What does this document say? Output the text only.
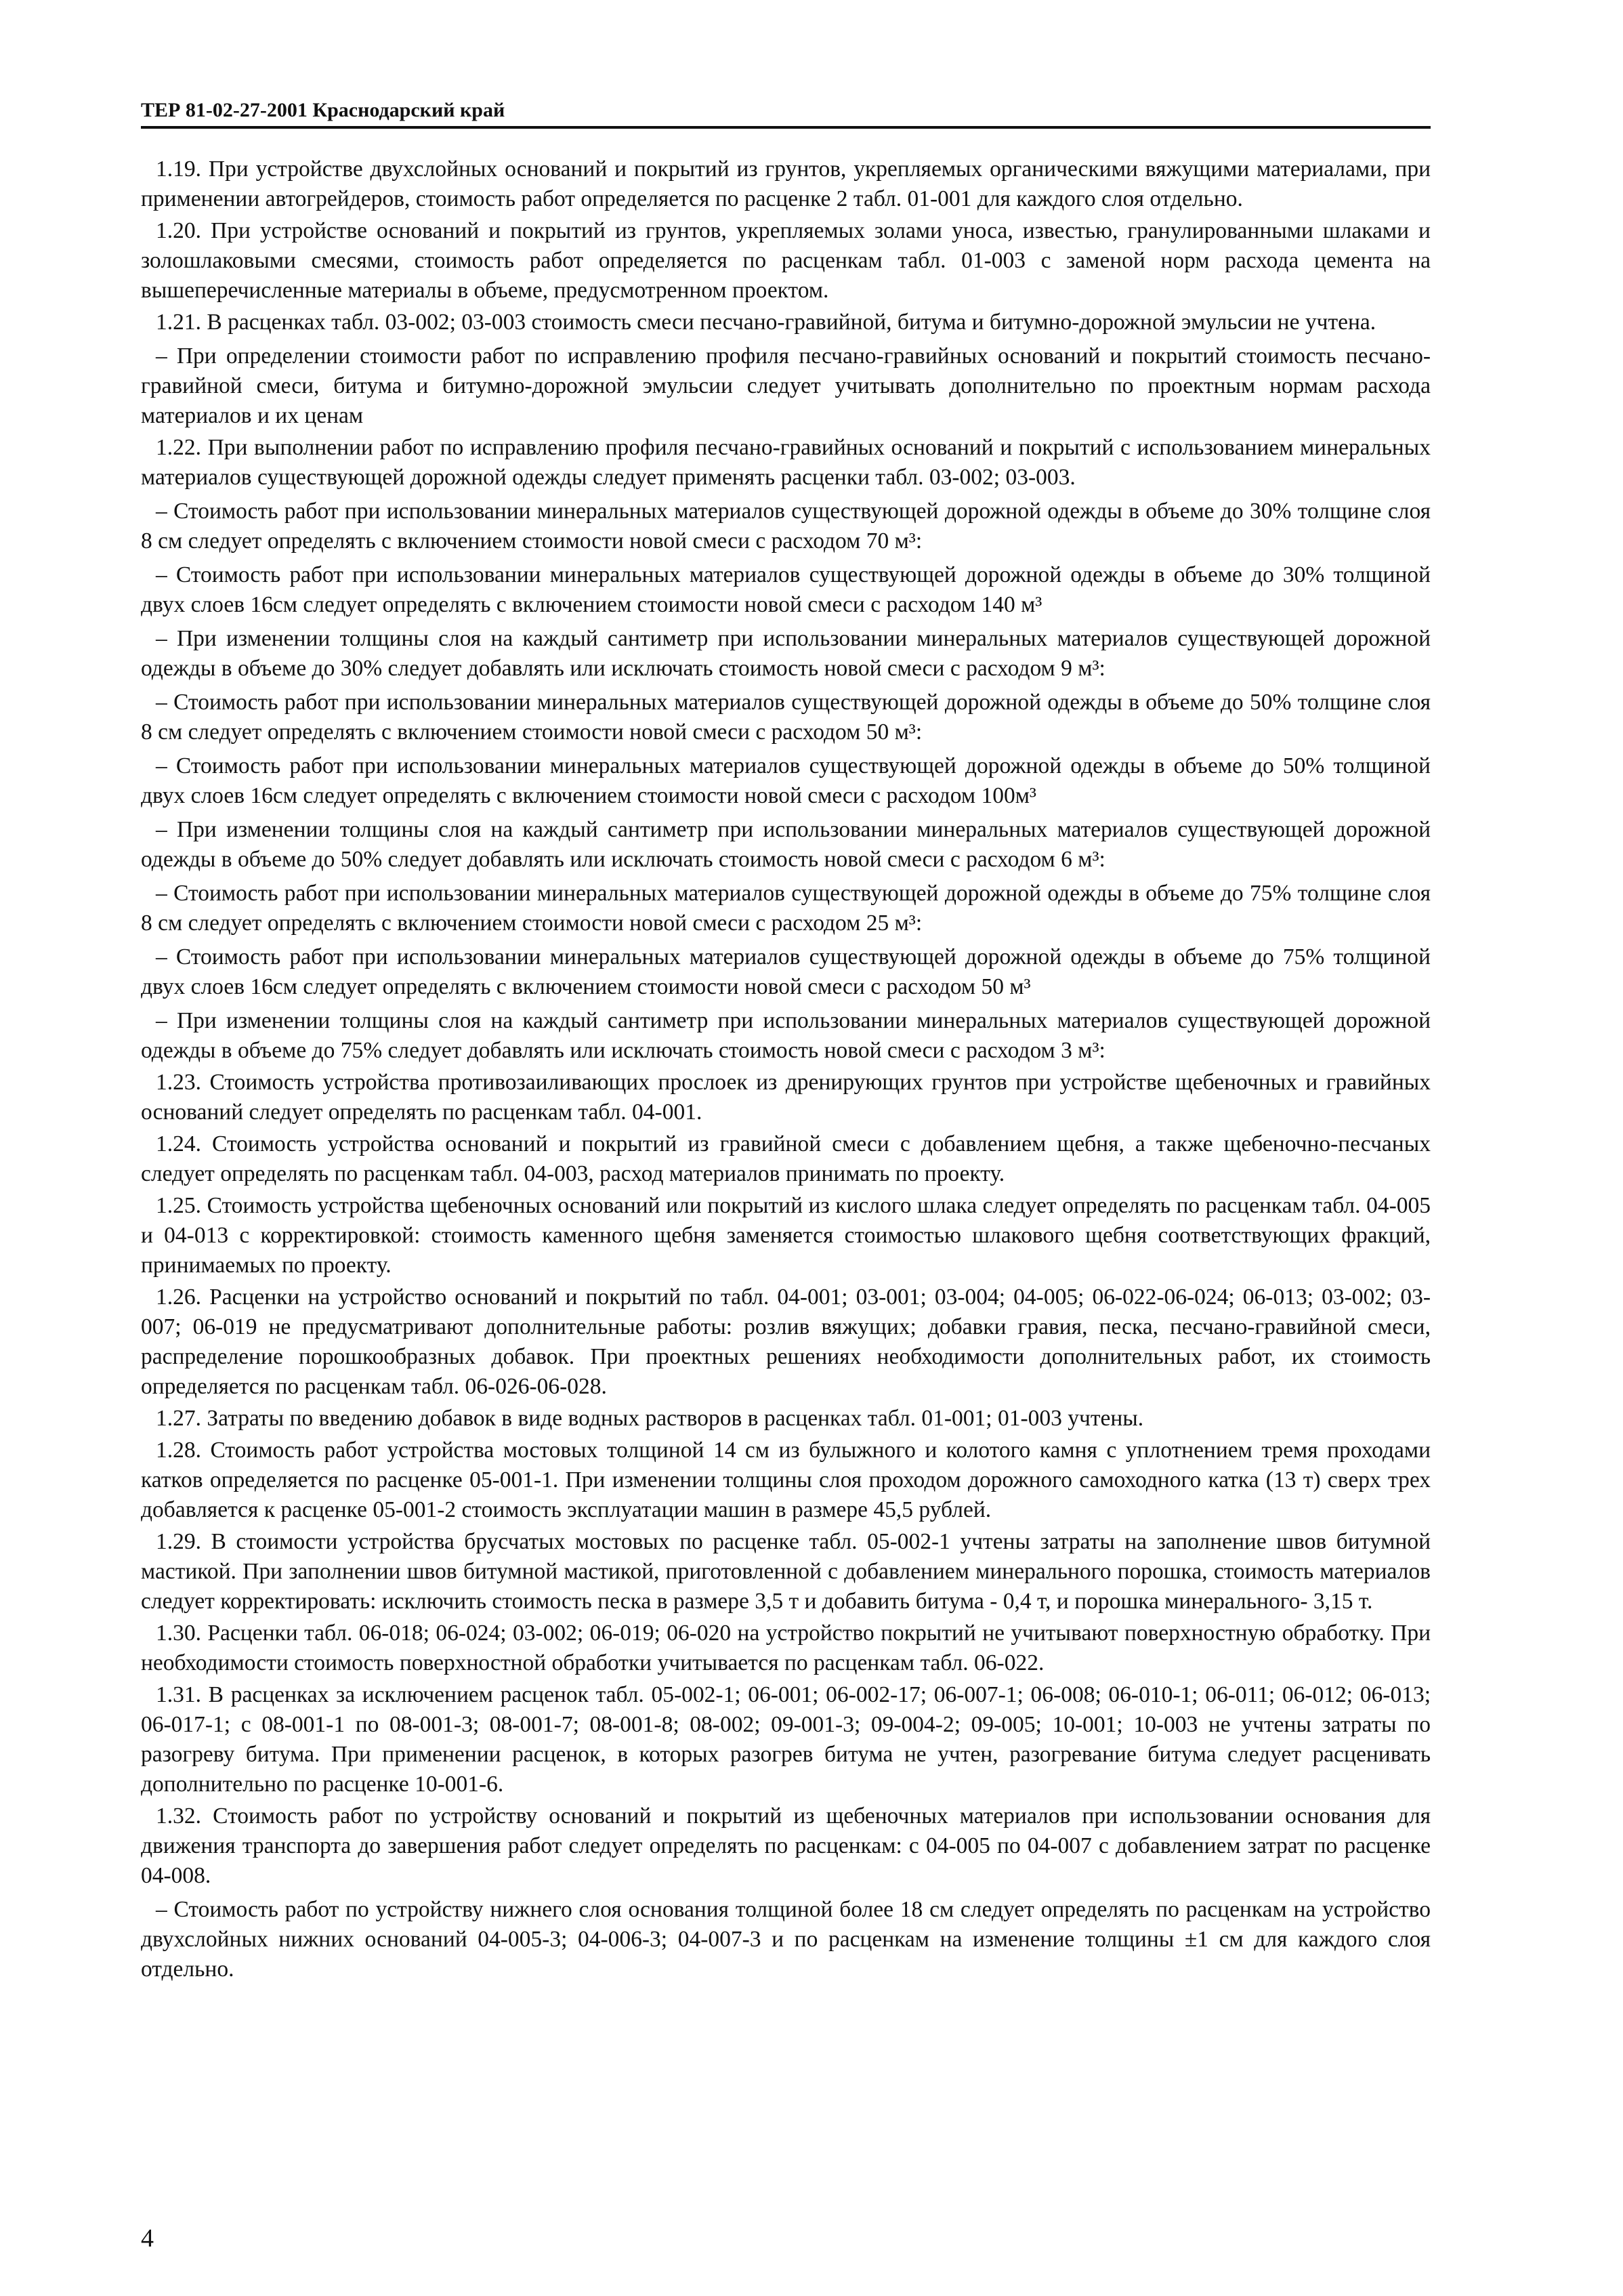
ТЕР 81-02-27-2001 Краснодарский край

1.19. При устройстве двухслойных оснований и покрытий из грунтов, укрепляемых органическими вяжущими материалами, при применении автогрейдеров, стоимость работ определяется по расценке 2 табл. 01-001 для каждого слоя отдельно.

1.20. При устройстве оснований и покрытий из грунтов, укрепляемых золами уноса, известью, гранулированными шлаками и золошлаковыми смесями, стоимость работ определяется по расценкам табл. 01-003 с заменой норм расхода цемента на вышеперечисленные материалы в объеме, предусмотренном проектом.

1.21. В расценках табл. 03-002; 03-003 стоимость смеси песчано-гравийной, битума и битумно-дорожной эмульсии не учтена.

– При определении стоимости работ по исправлению профиля песчано-гравийных оснований и покрытий стоимость песчано-гравийной смеси, битума и битумно-дорожной эмульсии следует учитывать дополнительно по проектным нормам расхода материалов и их ценам

1.22. При выполнении работ по исправлению профиля песчано-гравийных оснований и покрытий с использованием минеральных материалов существующей дорожной одежды следует применять расценки табл. 03-002; 03-003.

– Стоимость работ при использовании минеральных материалов существующей дорожной одежды в объеме до 30% толщине слоя 8 см следует определять с включением стоимости новой смеси с расходом 70 м³:

– Стоимость работ при использовании минеральных материалов существующей дорожной одежды в объеме до 30% толщиной двух слоев 16см следует определять с включением стоимости новой смеси с расходом 140 м³

– При изменении толщины слоя на каждый сантиметр при использовании минеральных материалов существующей дорожной одежды в объеме до 30% следует добавлять или исключать стоимость новой смеси с расходом 9 м³:

– Стоимость работ при использовании минеральных материалов существующей дорожной одежды в объеме до 50% толщине слоя 8 см следует определять с включением стоимости новой смеси с расходом 50 м³:

– Стоимость работ при использовании минеральных материалов существующей дорожной одежды в объеме до 50% толщиной двух слоев 16см следует определять с включением стоимости новой смеси с расходом 100м³

– При изменении толщины слоя на каждый сантиметр при использовании минеральных материалов существующей дорожной одежды в объеме до 50% следует добавлять или исключать стоимость новой смеси с расходом 6 м³:

– Стоимость работ при использовании минеральных материалов существующей дорожной одежды в объеме до 75% толщине слоя 8 см следует определять с включением стоимости новой смеси с расходом 25 м³:

– Стоимость работ при использовании минеральных материалов существующей дорожной одежды в объеме до 75% толщиной двух слоев 16см следует определять с включением стоимости новой смеси с расходом 50 м³

– При изменении толщины слоя на каждый сантиметр при использовании минеральных материалов существующей дорожной одежды в объеме до 75% следует добавлять или исключать стоимость новой смеси с расходом 3 м³:

1.23. Стоимость устройства противозаиливающих прослоек из дренирующих грунтов при устройстве щебеночных и гравийных оснований следует определять по расценкам табл. 04-001.

1.24. Стоимость устройства оснований и покрытий из гравийной смеси с добавлением щебня, а также щебеночно-песчаных следует определять по расценкам табл. 04-003, расход материалов принимать по проекту.

1.25. Стоимость устройства щебеночных оснований или покрытий из кислого шлака следует определять по расценкам табл. 04-005 и 04-013 с корректировкой: стоимость каменного щебня заменяется стоимостью шлакового щебня соответствующих фракций, принимаемых по проекту.

1.26. Расценки на устройство оснований и покрытий по табл. 04-001; 03-001; 03-004; 04-005; 06-022-06-024; 06-013; 03-002; 03-007; 06-019 не предусматривают дополнительные работы: розлив вяжущих; добавки гравия, песка, песчано-гравийной смеси, распределение порошкообразных добавок. При проектных решениях необходимости дополнительных работ, их стоимость определяется по расценкам табл. 06-026-06-028.

1.27. Затраты по введению добавок в виде водных растворов в расценках табл. 01-001; 01-003 учтены.

1.28. Стоимость работ устройства мостовых толщиной 14 см из булыжного и колотого камня с уплотнением тремя проходами катков определяется по расценке 05-001-1. При изменении толщины слоя проходом дорожного самоходного катка (13 т) сверх трех добавляется к расценке 05-001-2 стоимость эксплуатации машин в размере 45,5 рублей.

1.29. В стоимости устройства брусчатых мостовых по расценке табл. 05-002-1 учтены затраты на заполнение швов битумной мастикой. При заполнении швов битумной мастикой, приготовленной с добавлением минерального порошка, стоимость материалов следует корректировать: исключить стоимость песка в размере 3,5 т и добавить битума - 0,4 т, и порошка минерального- 3,15 т.

1.30. Расценки табл. 06-018; 06-024; 03-002; 06-019; 06-020 на устройство покрытий не учитывают поверхностную обработку. При необходимости стоимость поверхностной обработки учитывается по расценкам табл. 06-022.

1.31. В расценках за исключением расценок табл. 05-002-1; 06-001; 06-002-17; 06-007-1; 06-008; 06-010-1; 06-011; 06-012; 06-013; 06-017-1; с 08-001-1 по 08-001-3; 08-001-7; 08-001-8; 08-002; 09-001-3; 09-004-2; 09-005; 10-001; 10-003 не учтены затраты по разогреву битума. При применении расценок, в которых разогрев битума не учтен, разогревание битума следует расценивать дополнительно по расценке 10-001-6.

1.32. Стоимость работ по устройству оснований и покрытий из щебеночных материалов при использовании основания для движения транспорта до завершения работ следует определять по расценкам: с 04-005 по 04-007 с добавлением затрат по расценке 04-008.

– Стоимость работ по устройству нижнего слоя основания толщиной более 18 см следует определять по расценкам на устройство двухслойных нижних оснований 04-005-3; 04-006-3; 04-007-3 и по расценкам на изменение толщины ±1 см для каждого слоя отдельно.

4
